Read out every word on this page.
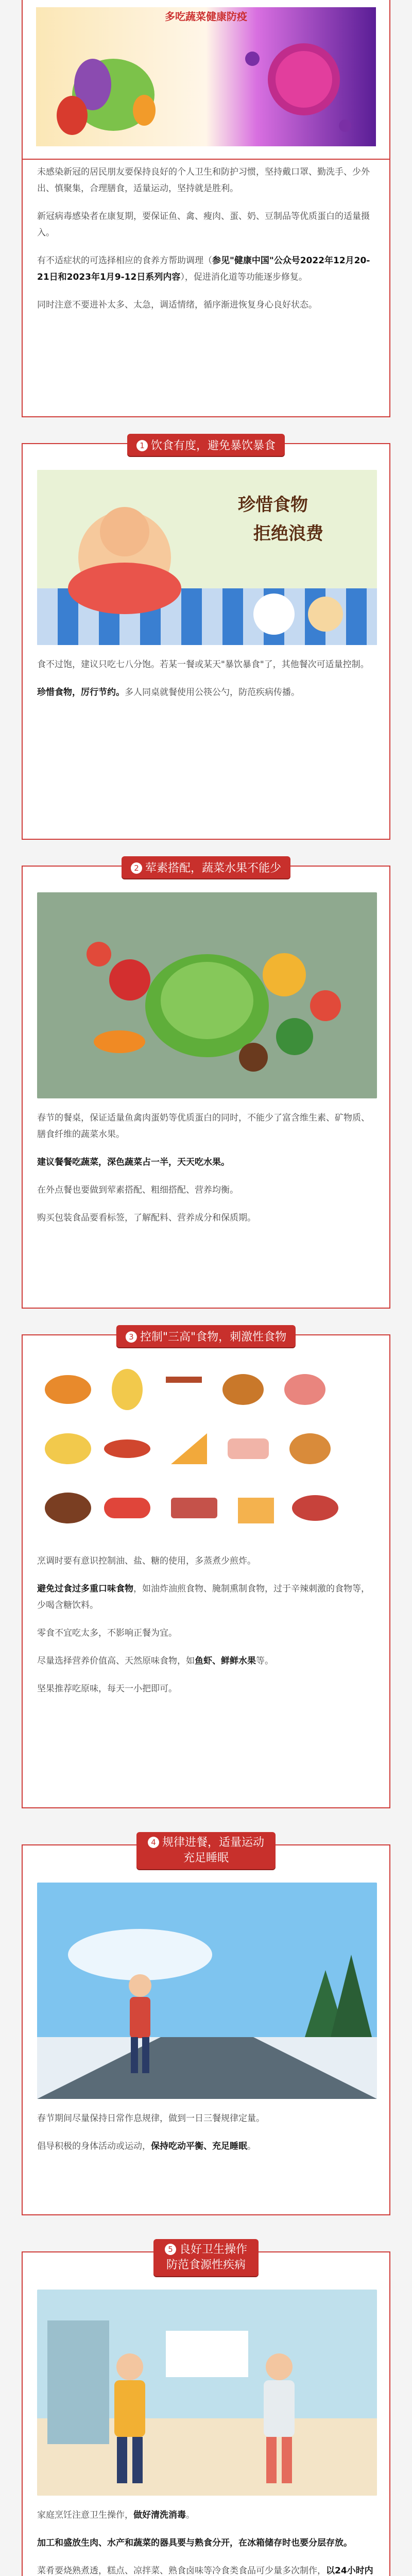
多吃蔬菜健康防疫

未感染新冠的居民朋友要保持良好的个人卫生和防护习惯，坚持戴口罩、勤洗手、少外出、慎聚集，合理膳食，适量运动，坚持就是胜利。

新冠病毒感染者在康复期，要保证鱼、禽、瘦肉、蛋、奶、豆制品等优质蛋白的适量摄入。

有不适症状的可选择相应的食养方帮助调理（参见"健康中国"公众号2022年12月20-21日和2023年1月9-12日系列内容），促进消化道等功能逐步修复。

同时注意不要进补太多、太急，调适情绪，循序渐进恢复身心良好状态。

1 饮食有度，避免暴饮暴食
珍惜食物
拒绝浪费

食不过饱，建议只吃七八分饱。若某一餐或某天"暴饮暴食"了，其他餐次可适量控制。

珍惜食物，厉行节约。多人同桌就餐使用公筷公勺，防范疾病传播。

2 荤素搭配，蔬菜水果不能少

春节的餐桌，保证适量鱼禽肉蛋奶等优质蛋白的同时，不能少了富含维生素、矿物质、膳食纤维的蔬菜水果。

建议餐餐吃蔬菜，深色蔬菜占一半，天天吃水果。

在外点餐也要做到荤素搭配、粗细搭配、营养均衡。

购买包装食品要看标签，了解配料、营养成分和保质期。

3 控制"三高"食物，刺激性食物

烹调时要有意识控制油、盐、糖的使用，多蒸煮少煎炸。

避免过食过多重口味食物，如油炸油煎食物、腌制熏制食物，过于辛辣刺激的食物等，少喝含糖饮料。

零食不宜吃太多，不影响正餐为宜。

尽量选择营养价值高、天然原味食物，如鱼虾、鲜鲜水果等。

坚果推荐吃原味，每天一小把即可。

4 规律进餐，适量运动
充足睡眠

春节期间尽量保持日常作息规律，做到一日三餐规律定量。

倡导积极的身体活动或运动，保持吃动平衡、充足睡眠。

5 良好卫生操作
防范食源性疾病

家庭烹饪注意卫生操作，做好清洗消毒。

加工和盛放生肉、水产和蔬菜的器具要与熟食分开，在冰箱储存时也要分层存放。

菜肴要烧熟煮透，糕点、凉拌菜、熟食卤味等冷食类食品可少量多次制作，以24小时内
